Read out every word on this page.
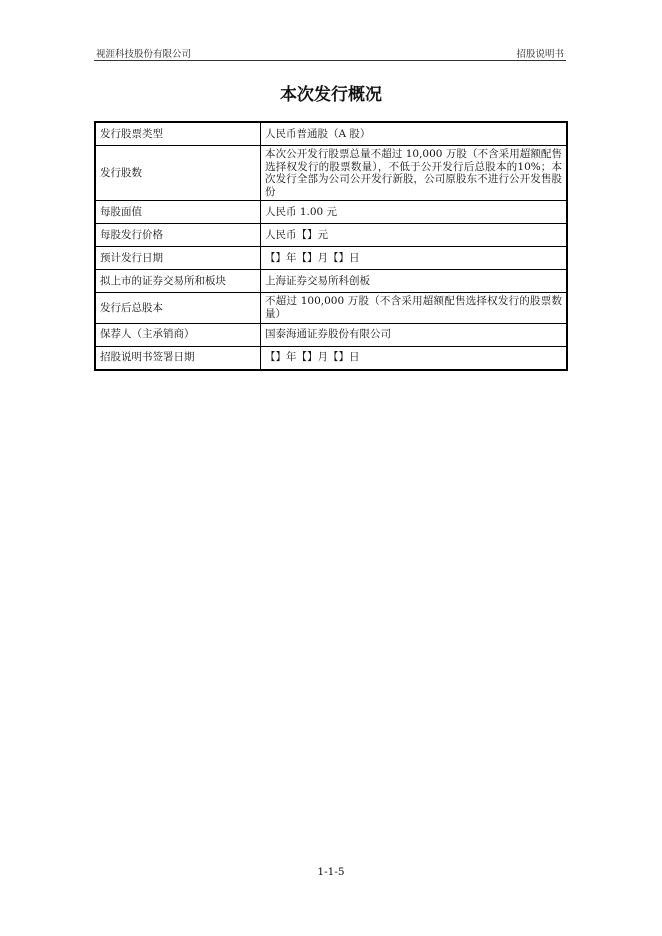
视涯科技股份有限公司	招股说明书
本次发行概况
发行股票类型	人民币普通股（A 股）
发行股数	本次公开发行股票总量不超过 10,000 万股（不含采用超额配售选择权发行的股票数量），不低于公开发行后总股本的10%；本次发行全部为公司公开发行新股，公司原股东不进行公开发售股份
每股面值	人民币 1.00 元
每股发行价格	人民币【】元
预计发行日期	【】年【】月【】日
拟上市的证券交易所和板块	上海证券交易所科创板
发行后总股本	不超过 100,000 万股（不含采用超额配售选择权发行的股票数量）
保荐人（主承销商）	国泰海通证券股份有限公司
招股说明书签署日期	【】年【】月【】日
1-1-5
